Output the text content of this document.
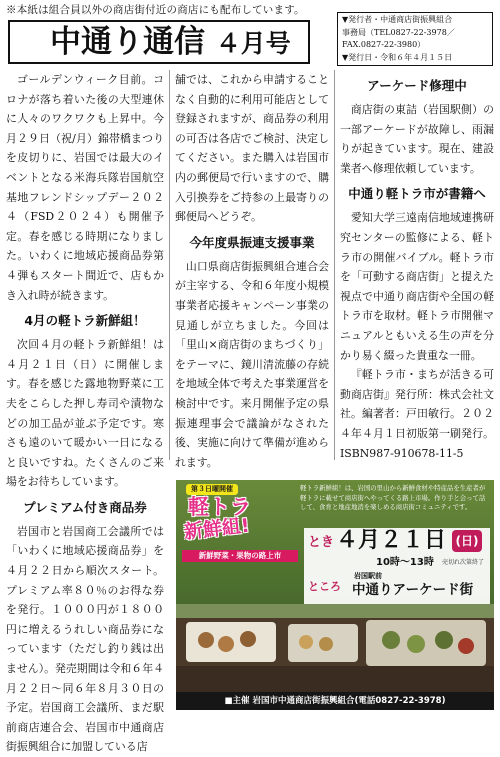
※本紙は組合員以外の商店街付近の商店にも配布しています。
中通り通信 ４月号
▼発行者・中通商店街振興組合
事務局（TEL0827-22-3978／
FAX.0827-22-3980）
▼発行日・令和６年４月１５日

ゴールデンウィーク目前。コロナが落ち着いた後の大型連休に人々のワクワクも上昇中。今月２９日（祝/月）錦帯橋まつりを皮切りに、岩国では最大のイベントとなる米海兵隊岩国航空基地フレンドシップデー２０２４（FSD２０２４）も開催予定。春を感じる時期になりました。いわくに地域応援商品券第４弾もスタート間近で、店もかき入れ時が続きます。

4月の軽トラ新鮮組！

次回４月の軽トラ新鮮組！は４月２１日（日）に開催します。春を感じた露地物野菜に工夫をこらした押し寿司や漬物などの加工品が並ぶ予定です。寒さも遠のいて暖かい一日になると良いですね。たくさんのご来場をお待ちしています。

プレミアム付き商品券

岩国市と岩国商工会議所では「いわくに地域応援商品券」を４月２２日から順次スタート。プレミアム率８０％のお得な券を発行。１０００円が１８００円に増えるうれしい商品券になっています（ただし釣り銭は出ません）。発売期間は令和６年４月２２日〜同６年８月３０日の予定。岩国商工会議所、まだ駅前商店連合会、岩国市中通商店街振興組合に加盟している店

舗では、これから申請することなく自動的に利用可能店として登録されますが、商品券の利用の可否は各店でご検討、決定してください。また購入は岩国市内の郵便局で行いますので、購入引換券をご持参の上最寄りの郵便局へどうぞ。

今年度県振連支援事業

山口県商店街振興組合連合会が主宰する、令和６年度小規模事業者応援キャンペーン事業の見通しが立ちました。今回は「里山×商店街のまちづくり」をテーマに、鏡川清流藤の存続を地域全体で考えた事業運営を検討中です。来月開催予定の県振連理事会で議論がなされた後、実施に向けて準備が進められます。

アーケード修理中

商店街の東詰（岩国駅側）の一部アーケードが故障し、雨漏りが起きています。現在、建設業者へ修理依頼しています。

中通り軽トラ市が書籍へ

愛知大学三遠南信地域連携研究センターの監修による、軽トラ市の開催バイブル。軽トラ市を「可動する商店街」と提えた視点で中通り商店街や全国の軽トラ市を取材。軽トラ市開催マニュアルともいえる生の声を分かり易く綴った貴重な一冊。

『軽トラ市・まちが活きる可動商店街』発行所：株式会社文社。編著者：戸田敏行。２０２４年４月１日初版第一刷発行。ISBN987-910678-11-5

第３日曜開催
軽トラ
新鮮組!
新鮮野菜・果物の路上市
軽トラ新鮮組！は、岩国の里山から新鮮食材や特産品を生産者が軽トラに載せて商店街へやってくる路上市場。作り手と会って話して、食育と地産地消を楽しめる商店街コミュニティです。
とき ４月２１日 (日)
10時〜13時 売切れ次第終了
ところ
岩国駅前
中通りアーケード街
■主催 岩国市中通商店街振興組合(電話0827-22-3978)
